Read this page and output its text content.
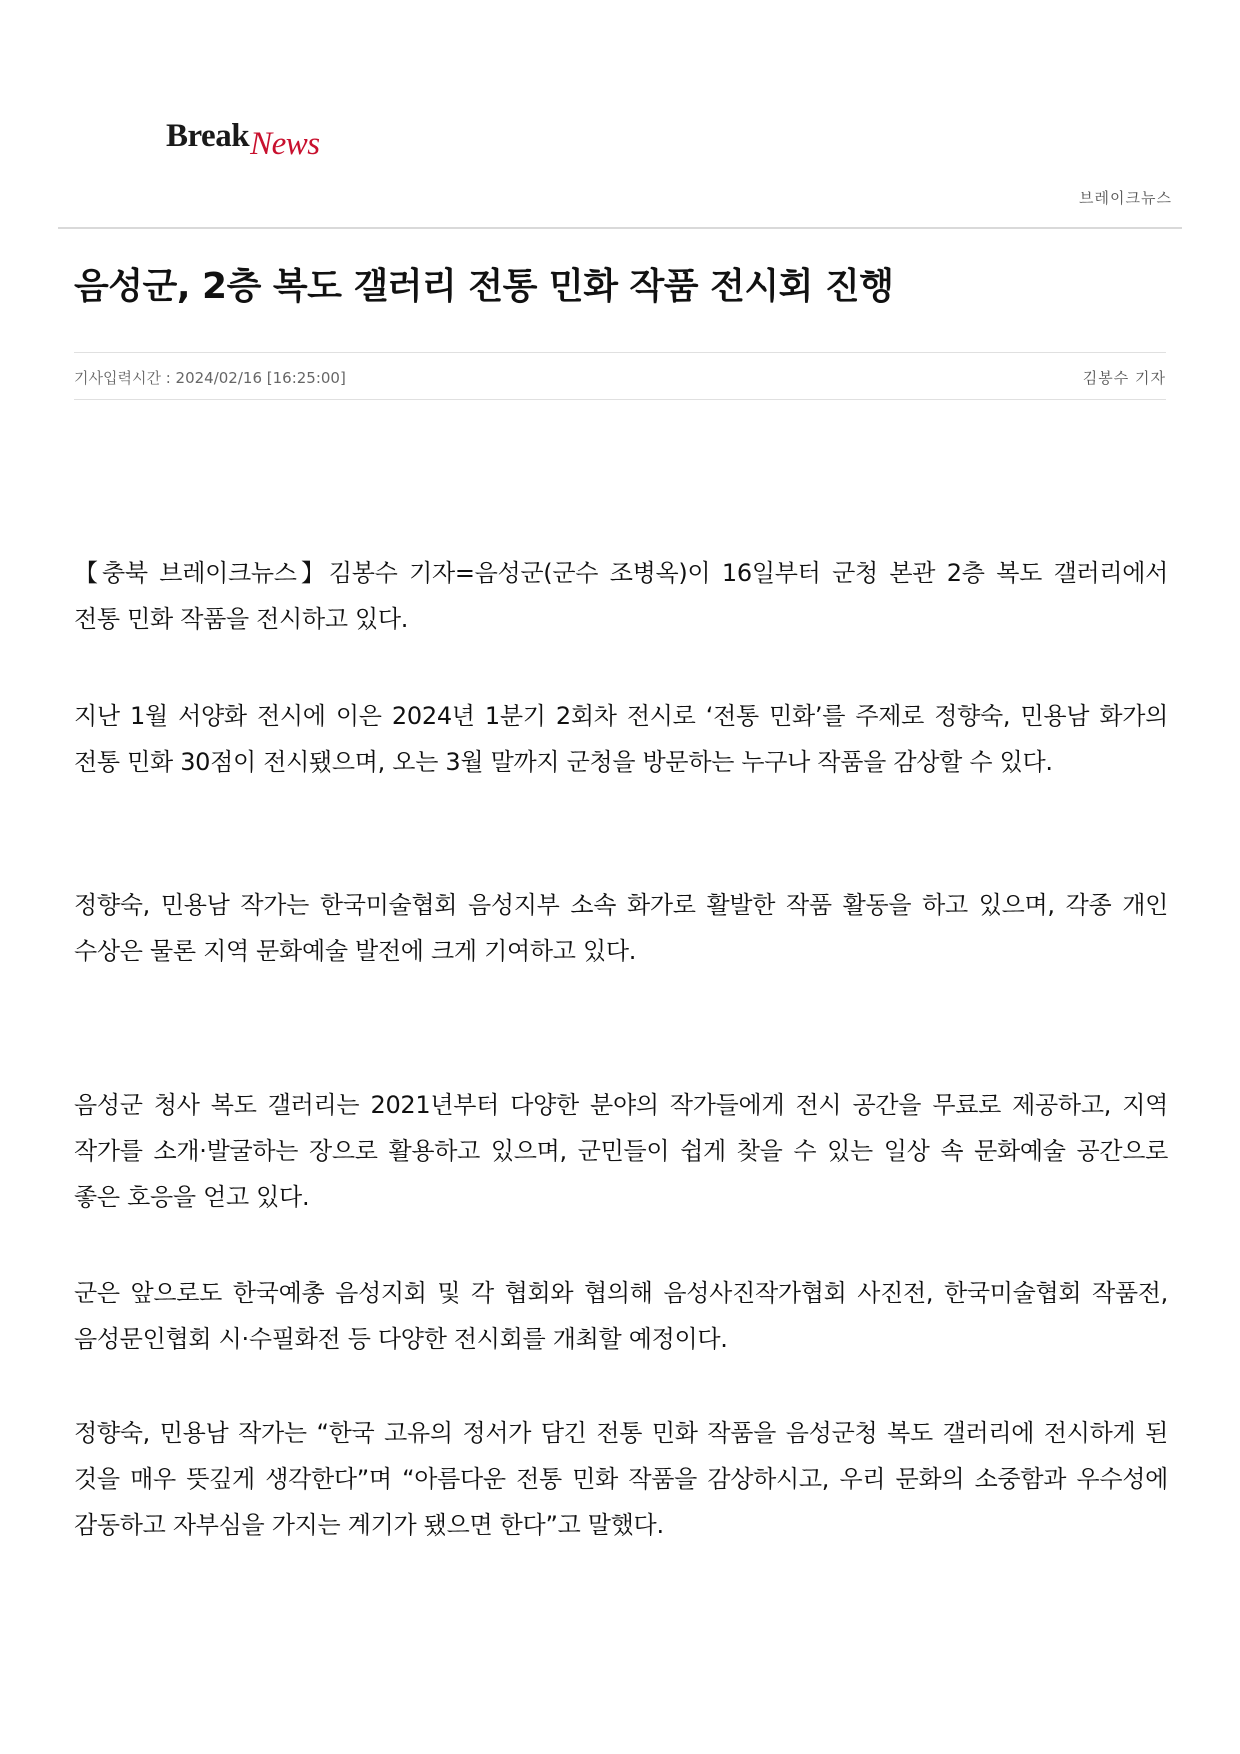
BreakNews
브레이크뉴스
음성군, 2층 복도 갤러리 전통 민화 작품 전시회 진행
기사입력시간 : 2024/02/16 [16:25:00]	김봉수 기자

【충북 브레이크뉴스】김봉수 기자=음성군(군수 조병옥)이 16일부터 군청 본관 2층 복도 갤러리에서 전통 민화 작품을 전시하고 있다.

지난 1월 서양화 전시에 이은 2024년 1분기 2회차 전시로 ‘전통 민화’를 주제로 정향숙, 민용남 화가의 전통 민화 30점이 전시됐으며, 오는 3월 말까지 군청을 방문하는 누구나 작품을 감상할 수 있다.

정향숙, 민용남 작가는 한국미술협회 음성지부 소속 화가로 활발한 작품 활동을 하고 있으며, 각종 개인 수상은 물론 지역 문화예술 발전에 크게 기여하고 있다.

음성군 청사 복도 갤러리는 2021년부터 다양한 분야의 작가들에게 전시 공간을 무료로 제공하고, 지역 작가를 소개·발굴하는 장으로 활용하고 있으며, 군민들이 쉽게 찾을 수 있는 일상 속 문화예술 공간으로 좋은 호응을 얻고 있다.

군은 앞으로도 한국예총 음성지회 및 각 협회와 협의해 음성사진작가협회 사진전, 한국미술협회 작품전, 음성문인협회 시·수필화전 등 다양한 전시회를 개최할 예정이다.

정향숙, 민용남 작가는 “한국 고유의 정서가 담긴 전통 민화 작품을 음성군청 복도 갤러리에 전시하게 된 것을 매우 뜻깊게 생각한다”며 “아름다운 전통 민화 작품을 감상하시고, 우리 문화의 소중함과 우수성에 감동하고 자부심을 가지는 계기가 됐으면 한다”고 말했다.
